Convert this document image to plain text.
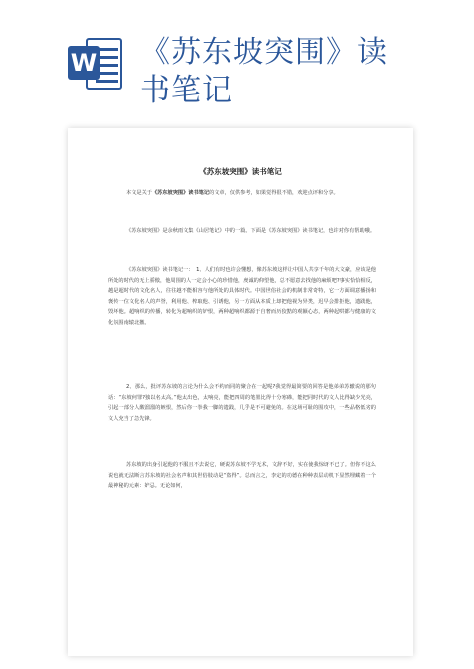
W 《苏东坡突围》读
书笔记
《苏东坡突围》读书笔记
本文是关于《苏东坡突围》读书笔记的文章，仅供参考，如果觉得很不错，欢迎点评和分享。
《苏东坡突围》是余秋雨文集《山居笔记》中的一篇。下面是《苏东坡突围》读书笔记，也许对你有帮助哦。
《苏东坡突围》读书笔记一：　1、人们有时也许会懂想，像苏东坡这样让中国人共享千年的大文豪，应该是他所处的时代的无上骄傲，他周围的人一定会小心的珍惜他，虔诚的仰望他，总不愿意去找他的麻烦吧?事实恰恰相反，越是超时代的文化名人，往往越不能相容与他所处的具体时代。中国世俗社会的机制非常奇特，它一方面调意播扬和褒传一位文化名人的声誉，利用他、榨取他、引诱他，另一方面从本质上却把他视为异类，迟早会排拒他，遗践他，毁坏他。超响织的传播，转化为超响织的妒恨，两种超响织都源于自奢而历狡黠的观额心态，两种起哄都与健康的文化氛围南辕北撤。
2、那么，批评苏东坡的言论为什么会不约而同的聚合在一起呢?我觉得最简要的回答是他弟弟苏辙说的那句话：“东坡何罪?独以名太高。”他太出色，太响亮，能把四周的笔墨比得十分寒碜，能把同时代的文人比得缺少光亮，引起一部分人酸溜溜的嫉恨，然后你一拳我一脚的遗践，几乎是不可避免的。在这场可耻的围攻中，一些品格低劣的文人充当了急先锋。
苏东坡的出身引起他的不服且不去说它，硬说苏东坡不学无术，文辞不好，实在使我惊讶不已了。但你不这么说也就无法断言苏东坡的社会名声和其世俗肢动是“盗得”。总而言之，李定的功德在种种表层动机下显然埋藏着一个最神秘的元素：妒忌。无论如何，
